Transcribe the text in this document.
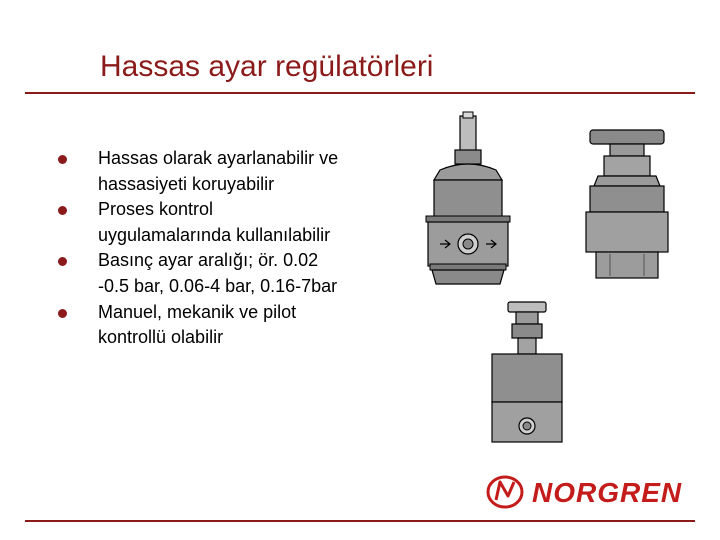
Hassas ayar regülatörleri
Hassas olarak ayarlanabilir ve hassasiyeti koruyabilir
Proses kontrol uygulamalarında kullanılabilir
Basınç ayar aralığı; ör. 0.02 -0.5 bar, 0.06-4 bar, 0.16-7bar
Manuel, mekanik ve pilot kontrollü olabilir
NORGREN
